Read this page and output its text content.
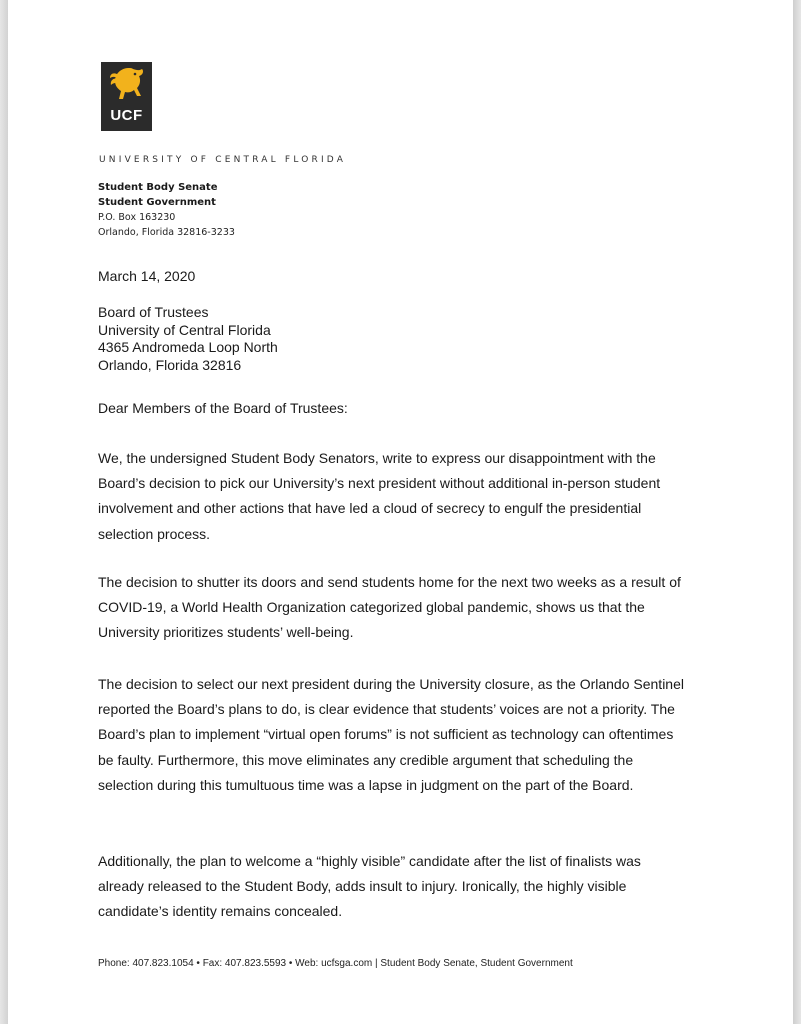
UCF
UNIVERSITY OF CENTRAL FLORIDA
Student Body Senate
Student Government
P.O. Box 163230
Orlando, Florida 32816-3233
March 14, 2020
Board of Trustees
University of Central Florida
4365 Andromeda Loop North
Orlando, Florida 32816
Dear Members of the Board of Trustees:

We, the undersigned Student Body Senators, write to express our disappointment with the Board’s decision to pick our University’s next president without additional in-person student involvement and other actions that have led a cloud of secrecy to engulf the presidential selection process.

The decision to shutter its doors and send students home for the next two weeks as a result of COVID-19, a World Health Organization categorized global pandemic, shows us that the University prioritizes students’ well-being.

The decision to select our next president during the University closure, as the Orlando Sentinel reported the Board’s plans to do, is clear evidence that students’ voices are not a priority. The Board’s plan to implement “virtual open forums” is not sufficient as technology can oftentimes be faulty. Furthermore, this move eliminates any credible argument that scheduling the selection during this tumultuous time was a lapse in judgment on the part of the Board.

Additionally, the plan to welcome a “highly visible” candidate after the list of finalists was already released to the Student Body, adds insult to injury. Ironically, the highly visible candidate’s identity remains concealed.

Phone: 407.823.1054 • Fax: 407.823.5593 • Web: ucfsga.com | Student Body Senate, Student Government
